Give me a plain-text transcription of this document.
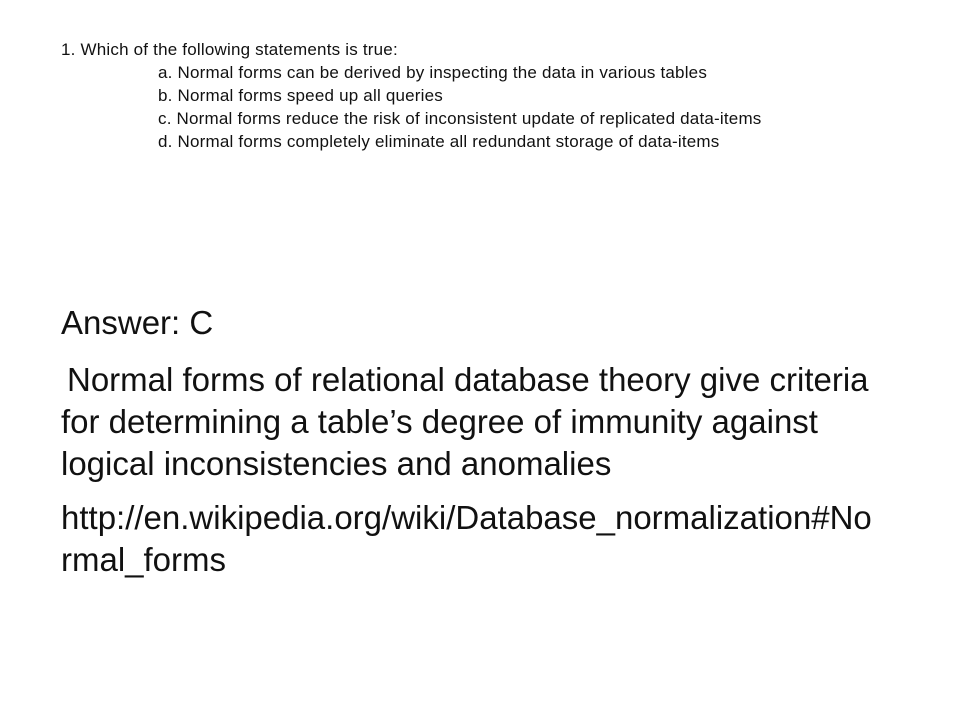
1. Which of the following statements is true:

a. Normal forms can be derived by inspecting the data in various tables
b. Normal forms speed up all queries
c. Normal forms reduce the risk of inconsistent update of replicated data-items
d. Normal forms completely eliminate all redundant storage of data-items

Answer: C

Normal forms of relational database theory give criteria for determining a table’s degree of immunity against logical inconsistencies and anomalies

http://en.wikipedia.org/wiki/Database_normalization#Normal_forms
